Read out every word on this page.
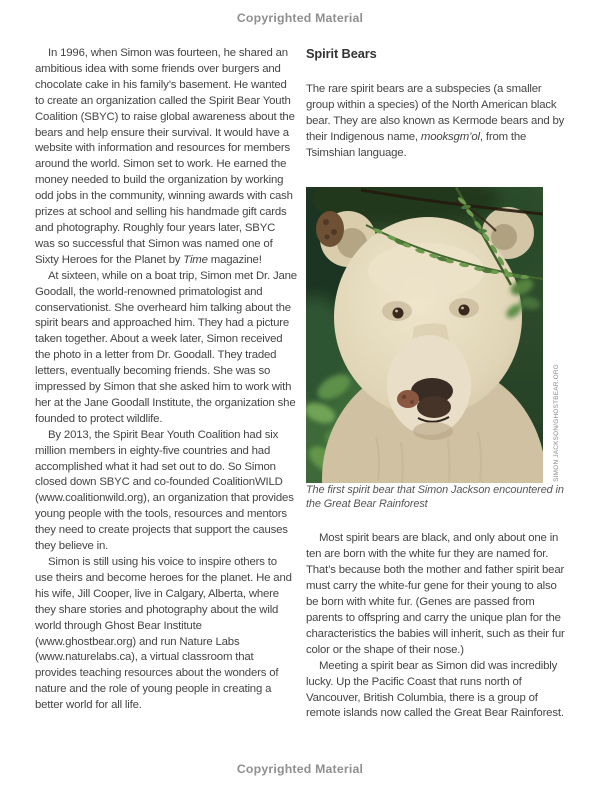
Copyrighted Material

In 1996, when Simon was fourteen, he shared an ambitious idea with some friends over burgers and chocolate cake in his family’s basement. He wanted to create an organization called the Spirit Bear Youth Coalition (SBYC) to raise global awareness about the bears and help ensure their survival. It would have a website with information and resources for members around the world. Simon set to work. He earned the money needed to build the organization by working odd jobs in the community, winning awards with cash prizes at school and selling his handmade gift cards and photography. Roughly four years later, SBYC was so successful that Simon was named one of Sixty Heroes for the Planet by Time magazine!

At sixteen, while on a boat trip, Simon met Dr. Jane Goodall, the world-renowned primatologist and conservationist. She overheard him talking about the spirit bears and approached him. They had a picture taken together. About a week later, Simon received the photo in a letter from Dr. Goodall. They traded letters, eventually becoming friends. She was so impressed by Simon that she asked him to work with her at the Jane Goodall Institute, the organization she founded to protect wildlife.

By 2013, the Spirit Bear Youth Coalition had six million members in eighty-five countries and had accomplished what it had set out to do. So Simon closed down SBYC and co-founded CoalitionWILD (www.coalitionwild.org), an organization that provides young people with the tools, resources and mentors they need to create projects that support the causes they believe in.

Simon is still using his voice to inspire others to use theirs and become heroes for the planet. He and his wife, Jill Cooper, live in Calgary, Alberta, where they share stories and photography about the wild world through Ghost Bear Institute (www.ghostbear.org) and run Nature Labs (www.naturelabs.ca), a virtual classroom that provides teaching resources about the wonders of nature and the role of young people in creating a better world for all life.

Spirit Bears

The rare spirit bears are a subspecies (a smaller group within a species) of the North American black bear. They are also known as Kermode bears and by their Indigenous name, mooksgm’ol, from the Tsimshian language.

SIMON JACKSON/GHOSTBEAR.ORG

The first spirit bear that Simon Jackson encountered in the Great Bear Rainforest

Most spirit bears are black, and only about one in ten are born with the white fur they are named for. That’s because both the mother and father spirit bear must carry the white-fur gene for their young to also be born with white fur. (Genes are passed from parents to offspring and carry the unique plan for the characteristics the babies will inherit, such as their fur color or the shape of their nose.)

Meeting a spirit bear as Simon did was incredibly lucky. Up the Pacific Coast that runs north of Vancouver, British Columbia, there is a group of remote islands now called the Great Bear Rainforest.

Copyrighted Material
